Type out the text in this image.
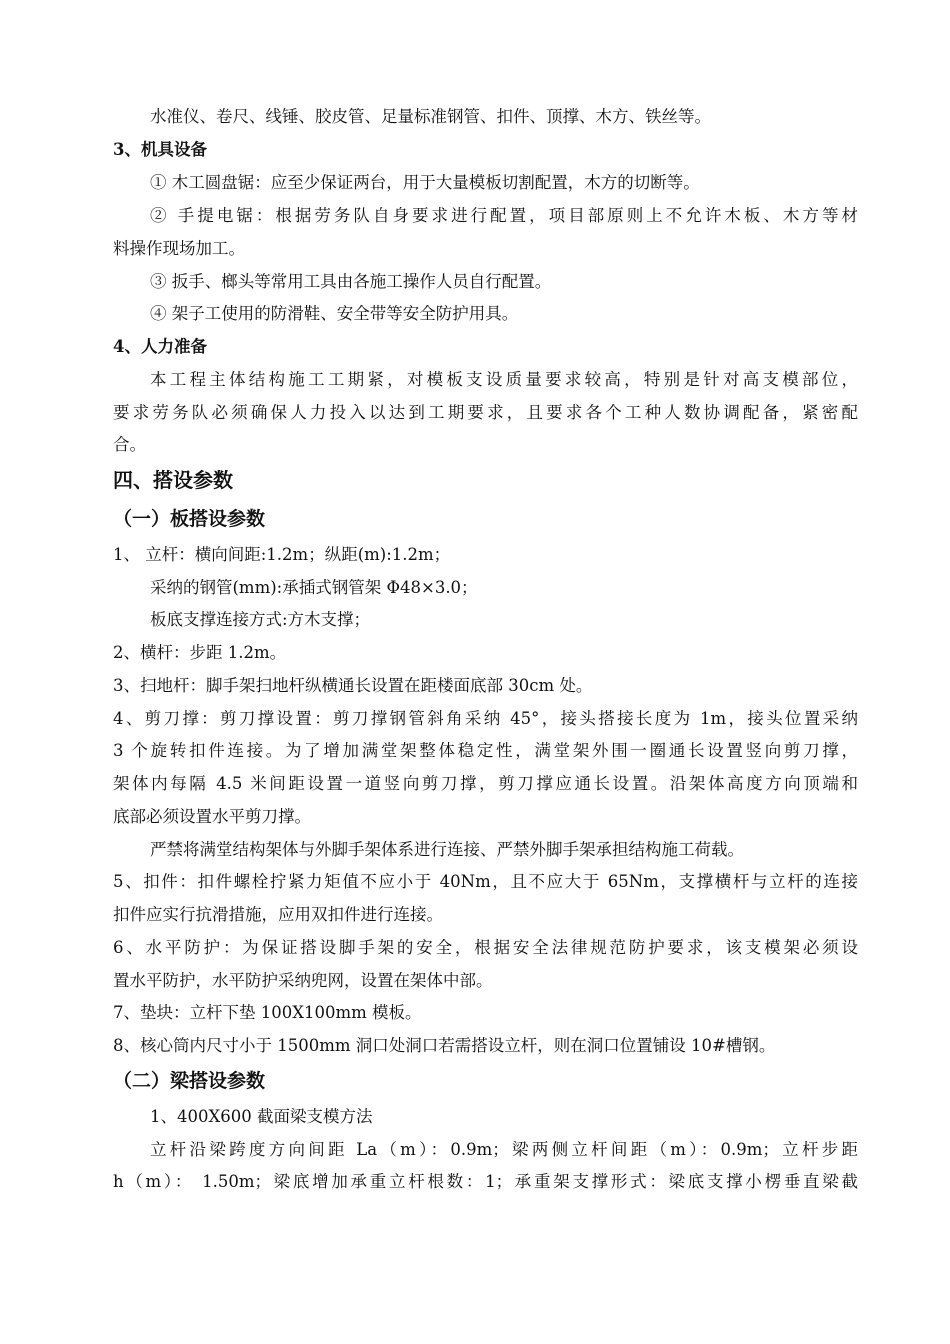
水准仪、卷尺、线锤、胶皮管、足量标准钢管、扣件、顶撑、木方、铁丝等。
3、机具设备
① 木工圆盘锯：应至少保证两台，用于大量模板切割配置，木方的切断等。
② 手提电锯：根据劳务队自身要求进行配置，项目部原则上不允许木板、木方等材
料操作现场加工。
③ 扳手、榔头等常用工具由各施工操作人员自行配置。
④ 架子工使用的防滑鞋、安全带等安全防护用具。
4、人力准备
本工程主体结构施工工期紧，对模板支设质量要求较高，特别是针对高支模部位，
要求劳务队必须确保人力投入以达到工期要求，且要求各个工种人数协调配备，紧密配
合。
四、搭设参数
（一）板搭设参数
1、 立杆：横向间距:1.2m；纵距(m):1.2m；
采纳的钢管(mm):承插式钢管架 Φ48×3.0；
板底支撑连接方式:方木支撑；
2、横杆：步距 1.2m。
3、扫地杆：脚手架扫地杆纵横通长设置在距楼面底部 30cm 处。
4、剪刀撑：剪刀撑设置：剪刀撑钢管斜角采纳 45°，接头搭接长度为 1m，接头位置采纳
3 个旋转扣件连接。为了增加满堂架整体稳定性，满堂架外围一圈通长设置竖向剪刀撑，
架体内每隔 4.5 米间距设置一道竖向剪刀撑，剪刀撑应通长设置。沿架体高度方向顶端和
底部必须设置水平剪刀撑。
严禁将满堂结构架体与外脚手架体系进行连接、严禁外脚手架承担结构施工荷载。
5、扣件：扣件螺栓拧紧力矩值不应小于 40Nm，且不应大于 65Nm，支撑横杆与立杆的连接
扣件应实行抗滑措施，应用双扣件进行连接。
6、水平防护：为保证搭设脚手架的安全，根据安全法律规范防护要求，该支模架必须设
置水平防护，水平防护采纳兜网，设置在架体中部。
7、垫块：立杆下垫 100X100mm 模板。
8、核心筒内尺寸小于 1500mm 洞口处洞口若需搭设立杆，则在洞口位置铺设 10#槽钢。
（二）梁搭设参数
1、400X600 截面梁支模方法
立杆沿梁跨度方向间距 La（m）：0.9m；梁两侧立杆间距（m）：0.9m；立杆步距
h（m）： 1.50m；梁底增加承重立杆根数：1；承重架支撑形式：梁底支撑小楞垂直梁截
